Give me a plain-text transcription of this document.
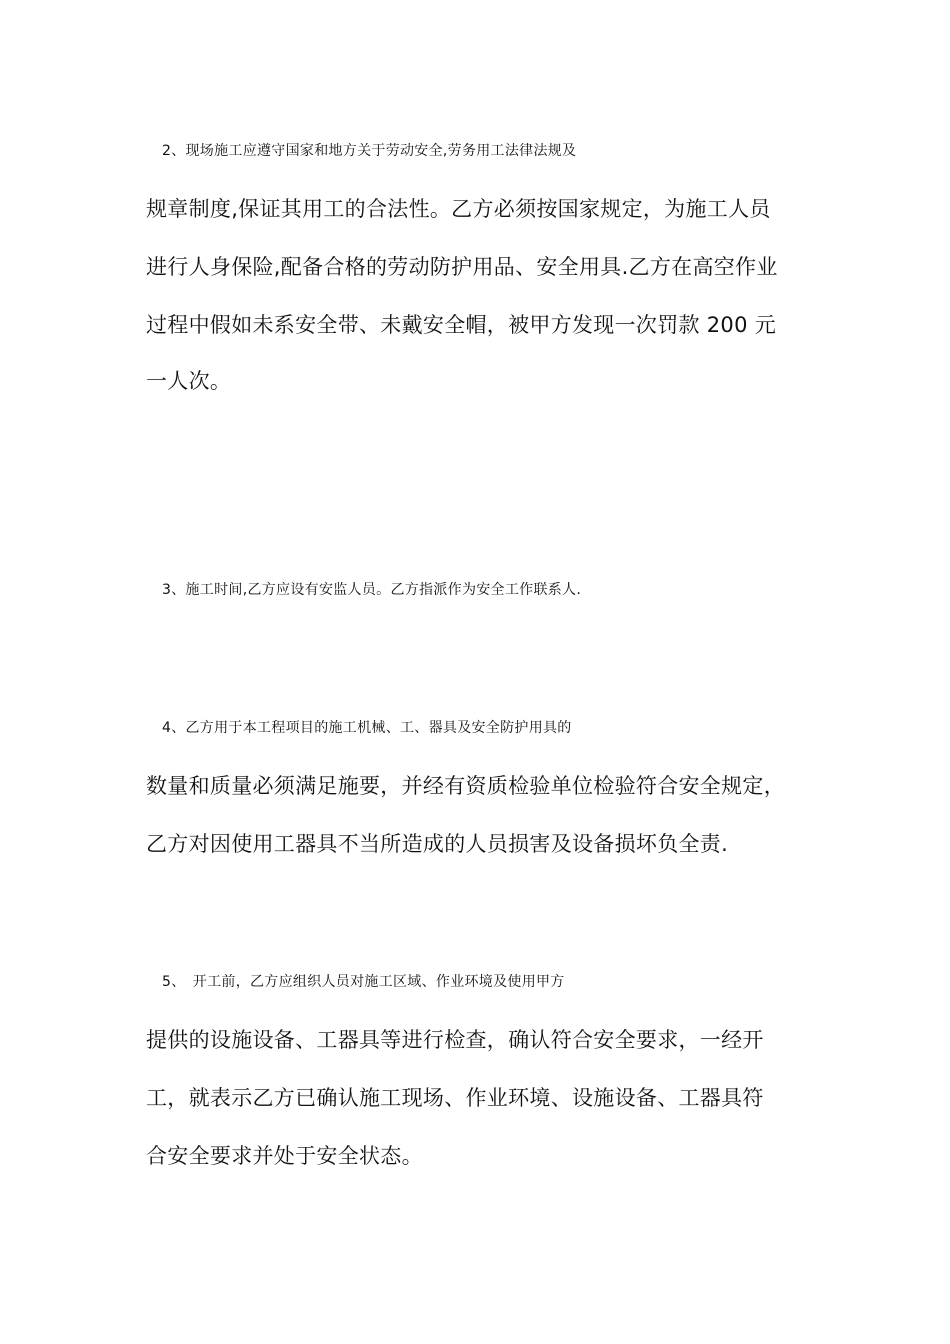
2、现场施工应遵守国家和地方关于劳动安全,劳务用工法律法规及
规章制度,保证其用工的合法性。乙方必须按国家规定，为施工人员
进行人身保险,配备合格的劳动防护用品、安全用具.乙方在高空作业
过程中假如未系安全带、未戴安全帽，被甲方发现一次罚款 200 元
一人次。
3、施工时间,乙方应设有安监人员。乙方指派作为安全工作联系人.
4、乙方用于本工程项目的施工机械、工、器具及安全防护用具的
数量和质量必须满足施要，并经有资质检验单位检验符合安全规定，
乙方对因使用工器具不当所造成的人员损害及设备损坏负全责.
5、　开工前，乙方应组织人员对施工区域、作业环境及使用甲方
提供的设施设备、工器具等进行检查，确认符合安全要求，一经开
工，就表示乙方已确认施工现场、作业环境、设施设备、工器具符
合安全要求并处于安全状态。
